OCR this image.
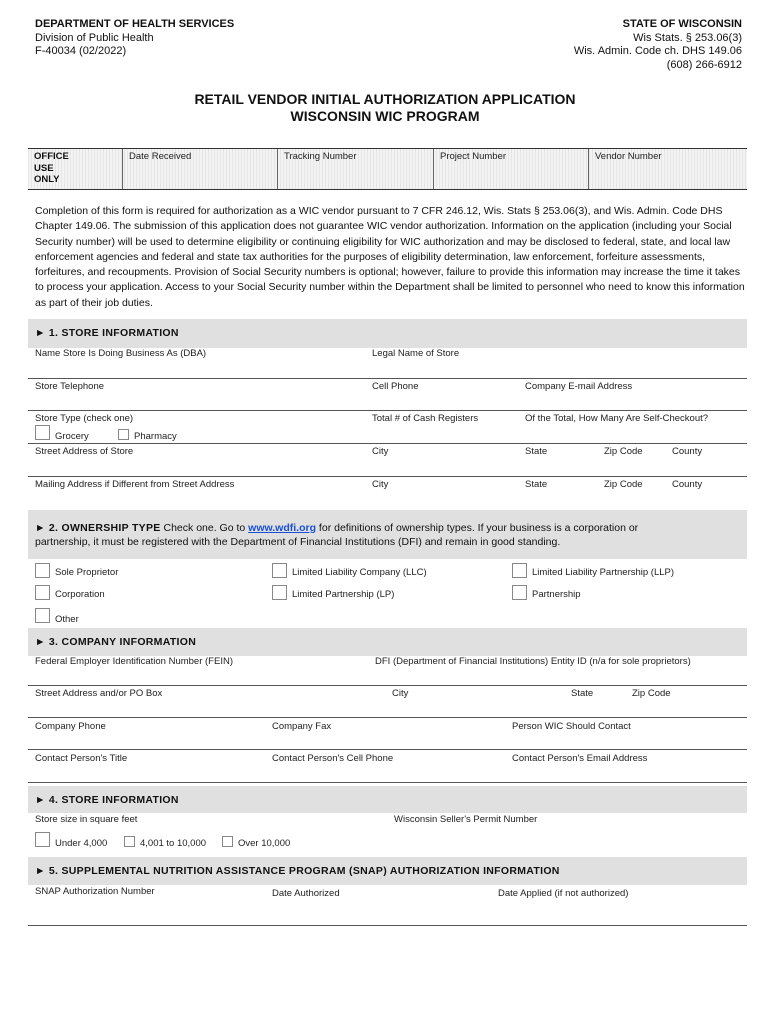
DEPARTMENT OF HEALTH SERVICES
Division of Public Health
F-40034 (02/2022)
STATE OF WISCONSIN
Wis Stats. § 253.06(3)
Wis. Admin. Code ch. DHS 149.06
(608) 266-6912
RETAIL VENDOR INITIAL AUTHORIZATION APPLICATION
WISCONSIN WIC PROGRAM
OFFICE
USE
ONLY
Date Received	Tracking Number	Project Number	Vendor Number
Completion of this form is required for authorization as a WIC vendor pursuant to 7 CFR 246.12, Wis. Stats § 253.06(3), and Wis. Admin. Code DHS Chapter 149.06. The submission of this application does not guarantee WIC vendor authorization. Information on the application (including your Social Security number) will be used to determine eligibility or continuing eligibility for WIC authorization and may be disclosed to federal, state, and local law enforcement agencies and federal and state tax authorities for the purposes of eligibility determination, law enforcement, forfeiture assessments, forfeitures, and recoupments. Provision of Social Security numbers is optional; however, failure to provide this information may increase the time it takes to process your application. Access to your Social Security number within the Department shall be limited to personnel who need to know this information as part of their job duties.
► 1. STORE INFORMATION
Name Store Is Doing Business As (DBA)	Legal Name of Store
Store Telephone	Cell Phone	Company E-mail Address
Store Type (check one)	Total # of Cash Registers	Of the Total, How Many Are Self-Checkout?
Grocery	Pharmacy
Street Address of Store	City	State	Zip Code	County
Mailing Address if Different from Street Address	City	State	Zip Code	County
► 2. OWNERSHIP TYPE Check one. Go to www.wdfi.org for definitions of ownership types. If your business is a corporation or
partnership, it must be registered with the Department of Financial Institutions (DFI) and remain in good standing.
Sole Proprietor	Limited Liability Company (LLC)	Limited Liability Partnership (LLP)
Corporation	Limited Partnership (LP)	Partnership
Other
► 3. COMPANY INFORMATION
Federal Employer Identification Number (FEIN)	DFI (Department of Financial Institutions) Entity ID (n/a for sole proprietors)
Street Address and/or PO Box	City	State	Zip Code
Company Phone	Company Fax	Person WIC Should Contact
Contact Person's Title	Contact Person's Cell Phone	Contact Person's Email Address
► 4. STORE INFORMATION
Store size in square feet	Wisconsin Seller's Permit Number
Under 4,000	4,001 to 10,000	Over 10,000
► 5. SUPPLEMENTAL NUTRITION ASSISTANCE PROGRAM (SNAP) AUTHORIZATION INFORMATION
SNAP Authorization Number	Date Authorized	Date Applied (if not authorized)
